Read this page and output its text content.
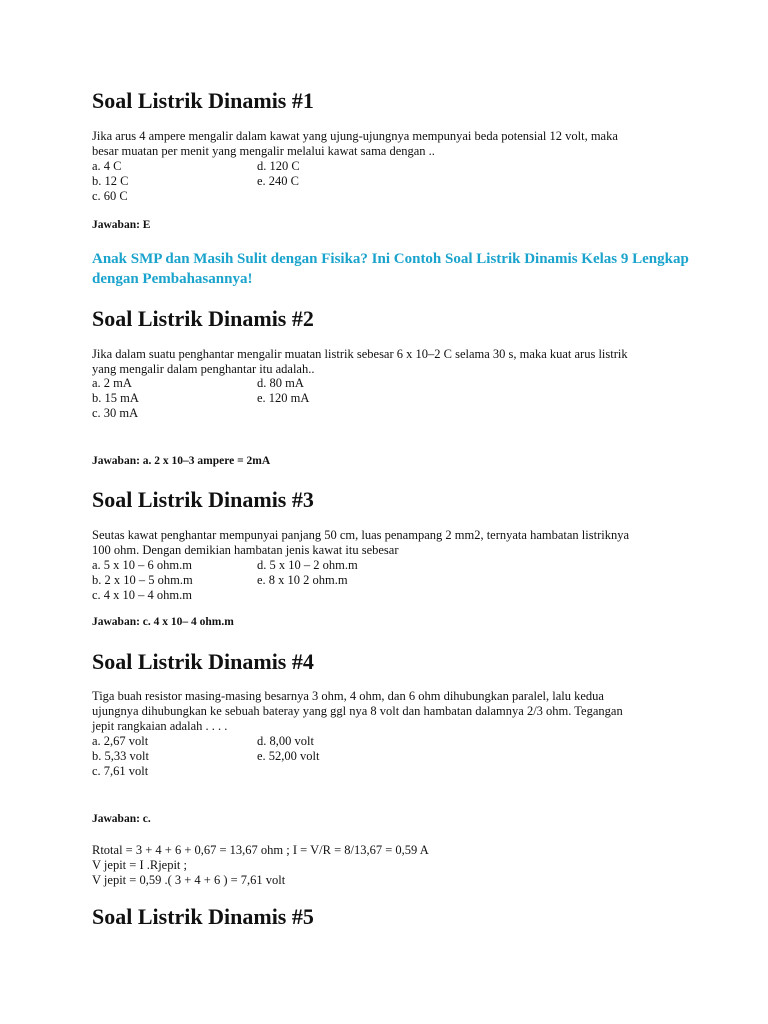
Soal Listrik Dinamis #1
Jika arus 4 ampere mengalir dalam kawat yang ujung-ujungnya mempunyai beda potensial 12 volt, maka
besar muatan per menit yang mengalir melalui kawat sama dengan ..
a. 4 C	d. 120 C
b. 12 C	e. 240 C
c. 60 C
Jawaban: E
Anak SMP dan Masih Sulit dengan Fisika? Ini Contoh Soal Listrik Dinamis Kelas 9 Lengkap dengan Pembahasannya!
Soal Listrik Dinamis #2
Jika dalam suatu penghantar mengalir muatan listrik sebesar 6 x 10–2 C selama 30 s, maka kuat arus listrik
yang mengalir dalam penghantar itu adalah..
a. 2 mA	d. 80 mA
b. 15 mA	e. 120 mA
c. 30 mA
Jawaban: a. 2 x 10–3 ampere = 2mA
Soal Listrik Dinamis #3
Seutas kawat penghantar mempunyai panjang 50 cm, luas penampang 2 mm2, ternyata hambatan listriknya
100 ohm. Dengan demikian hambatan jenis kawat itu sebesar
a. 5 x 10 – 6 ohm.m	d. 5 x 10 – 2 ohm.m
b. 2 x 10 – 5 ohm.m	e. 8 x 10 2 ohm.m
c. 4 x 10 – 4 ohm.m
Jawaban: c. 4 x 10– 4 ohm.m
Soal Listrik Dinamis #4
Tiga buah resistor masing-masing besarnya 3 ohm, 4 ohm, dan 6 ohm dihubungkan paralel, lalu kedua
ujungnya dihubungkan ke sebuah bateray yang ggl nya 8 volt dan hambatan dalamnya 2/3 ohm. Tegangan
jepit rangkaian adalah . . . .
a. 2,67 volt	d. 8,00 volt
b. 5,33 volt	e. 52,00 volt
c. 7,61 volt
Jawaban: c.
Rtotal = 3 + 4 + 6 + 0,67 = 13,67 ohm ; I = V/R = 8/13,67 = 0,59 A
V jepit = I .Rjepit ;
V jepit = 0,59 .( 3 + 4 + 6 ) = 7,61 volt
Soal Listrik Dinamis #5
